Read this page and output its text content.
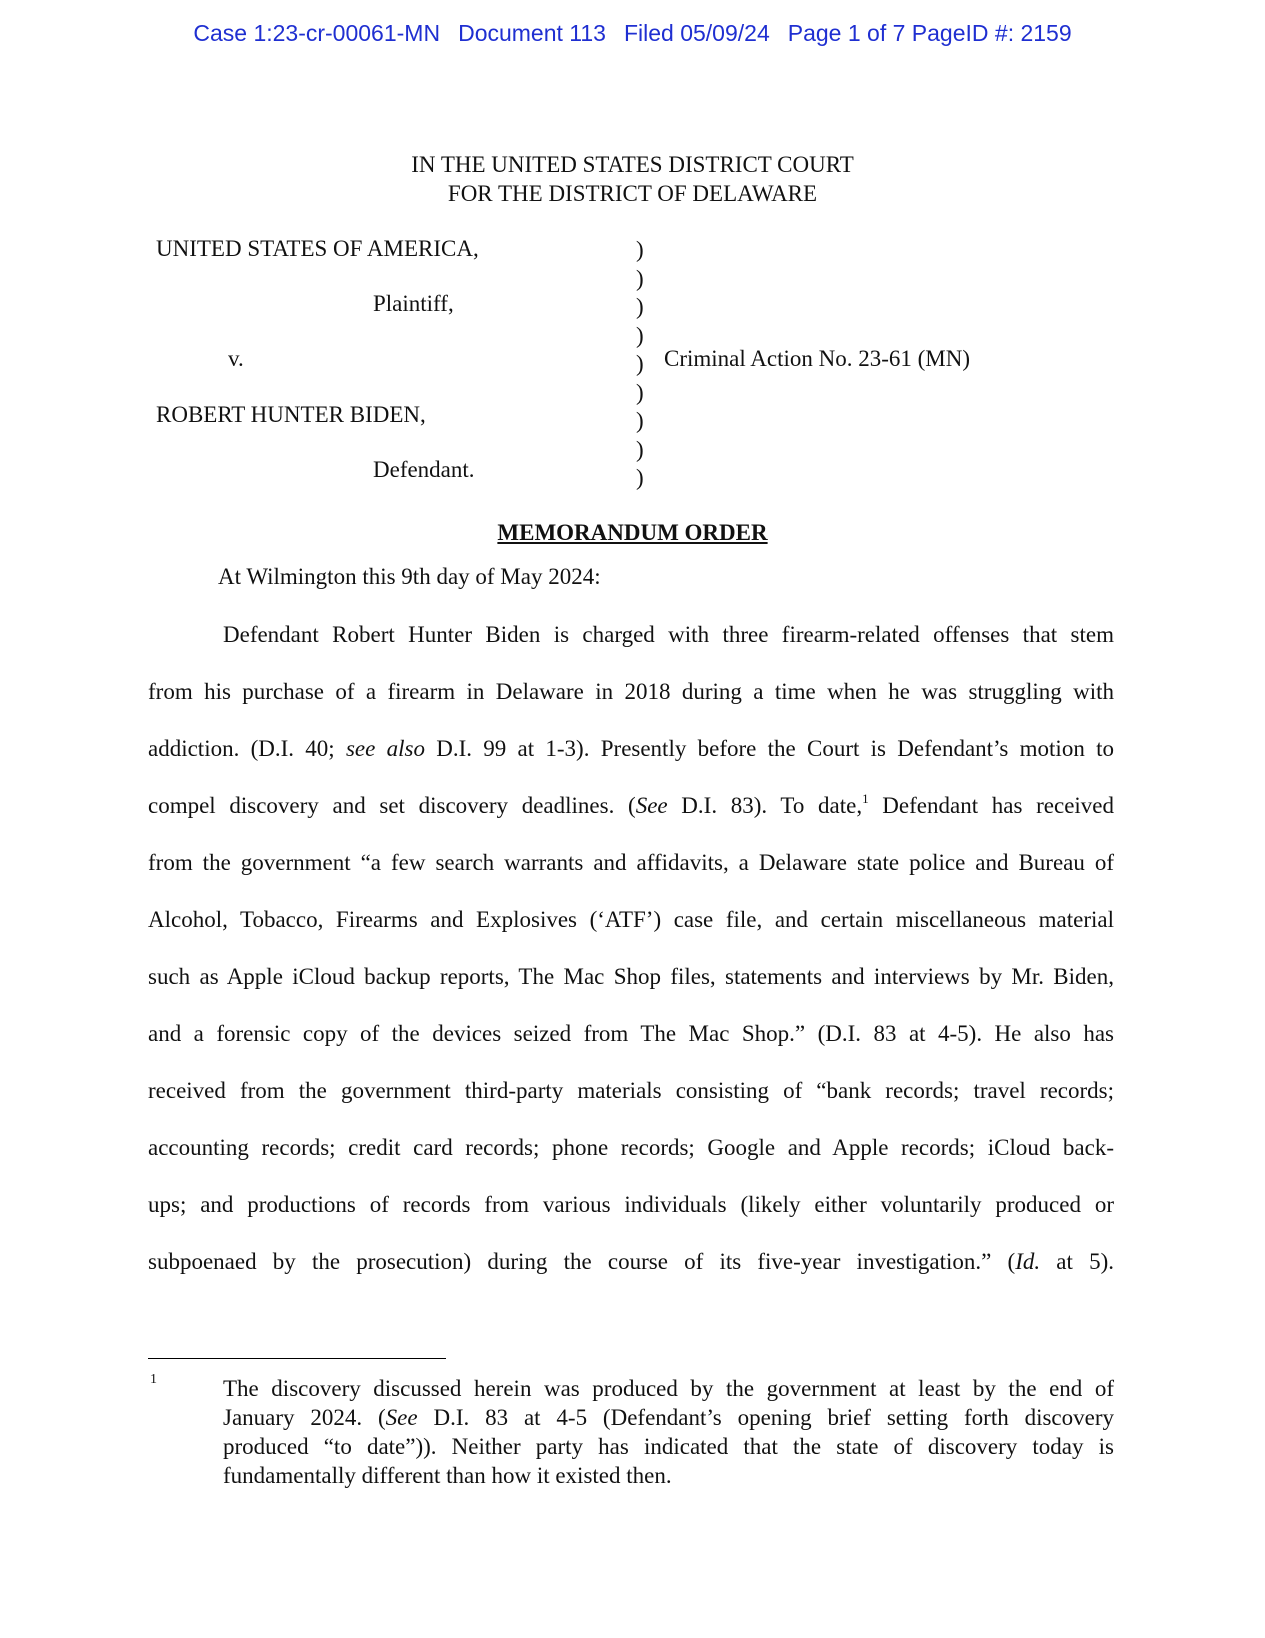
Case 1:23-cr-00061-MN Document 113 Filed 05/09/24 Page 1 of 7 PageID #: 2159
IN THE UNITED STATES DISTRICT COURT
FOR THE DISTRICT OF DELAWARE
UNITED STATES OF AMERICA,
Plaintiff,
v.	Criminal Action No. 23-61 (MN)
ROBERT HUNTER BIDEN,
Defendant.
)
)
)
)
)
)
)
)
)
MEMORANDUM ORDER
At Wilmington this 9th day of May 2024:
Defendant Robert Hunter Biden is charged with three firearm-related offenses that stem
from his purchase of a firearm in Delaware in 2018 during a time when he was struggling with
addiction. (D.I. 40; see also D.I. 99 at 1-3). Presently before the Court is Defendant’s motion to
compel discovery and set discovery deadlines. (See D.I. 83). To date,$^1$ Defendant has received
from the government “a few search warrants and affidavits, a Delaware state police and Bureau of
Alcohol, Tobacco, Firearms and Explosives (‘ATF’) case file, and certain miscellaneous material
such as Apple iCloud backup reports, The Mac Shop files, statements and interviews by Mr. Biden,
and a forensic copy of the devices seized from The Mac Shop.” (D.I. 83 at 4-5). He also has
received from the government third-party materials consisting of “bank records; travel records;
accounting records; credit card records; phone records; Google and Apple records; iCloud back-
ups; and productions of records from various individuals (likely either voluntarily produced or
subpoenaed by the prosecution) during the course of its five-year investigation.” (Id. at 5).
1	The discovery discussed herein was produced by the government at least by the end of
January 2024. (See D.I. 83 at 4-5 (Defendant’s opening brief setting forth discovery
produced “to date”)). Neither party has indicated that the state of discovery today is
fundamentally different than how it existed then.
